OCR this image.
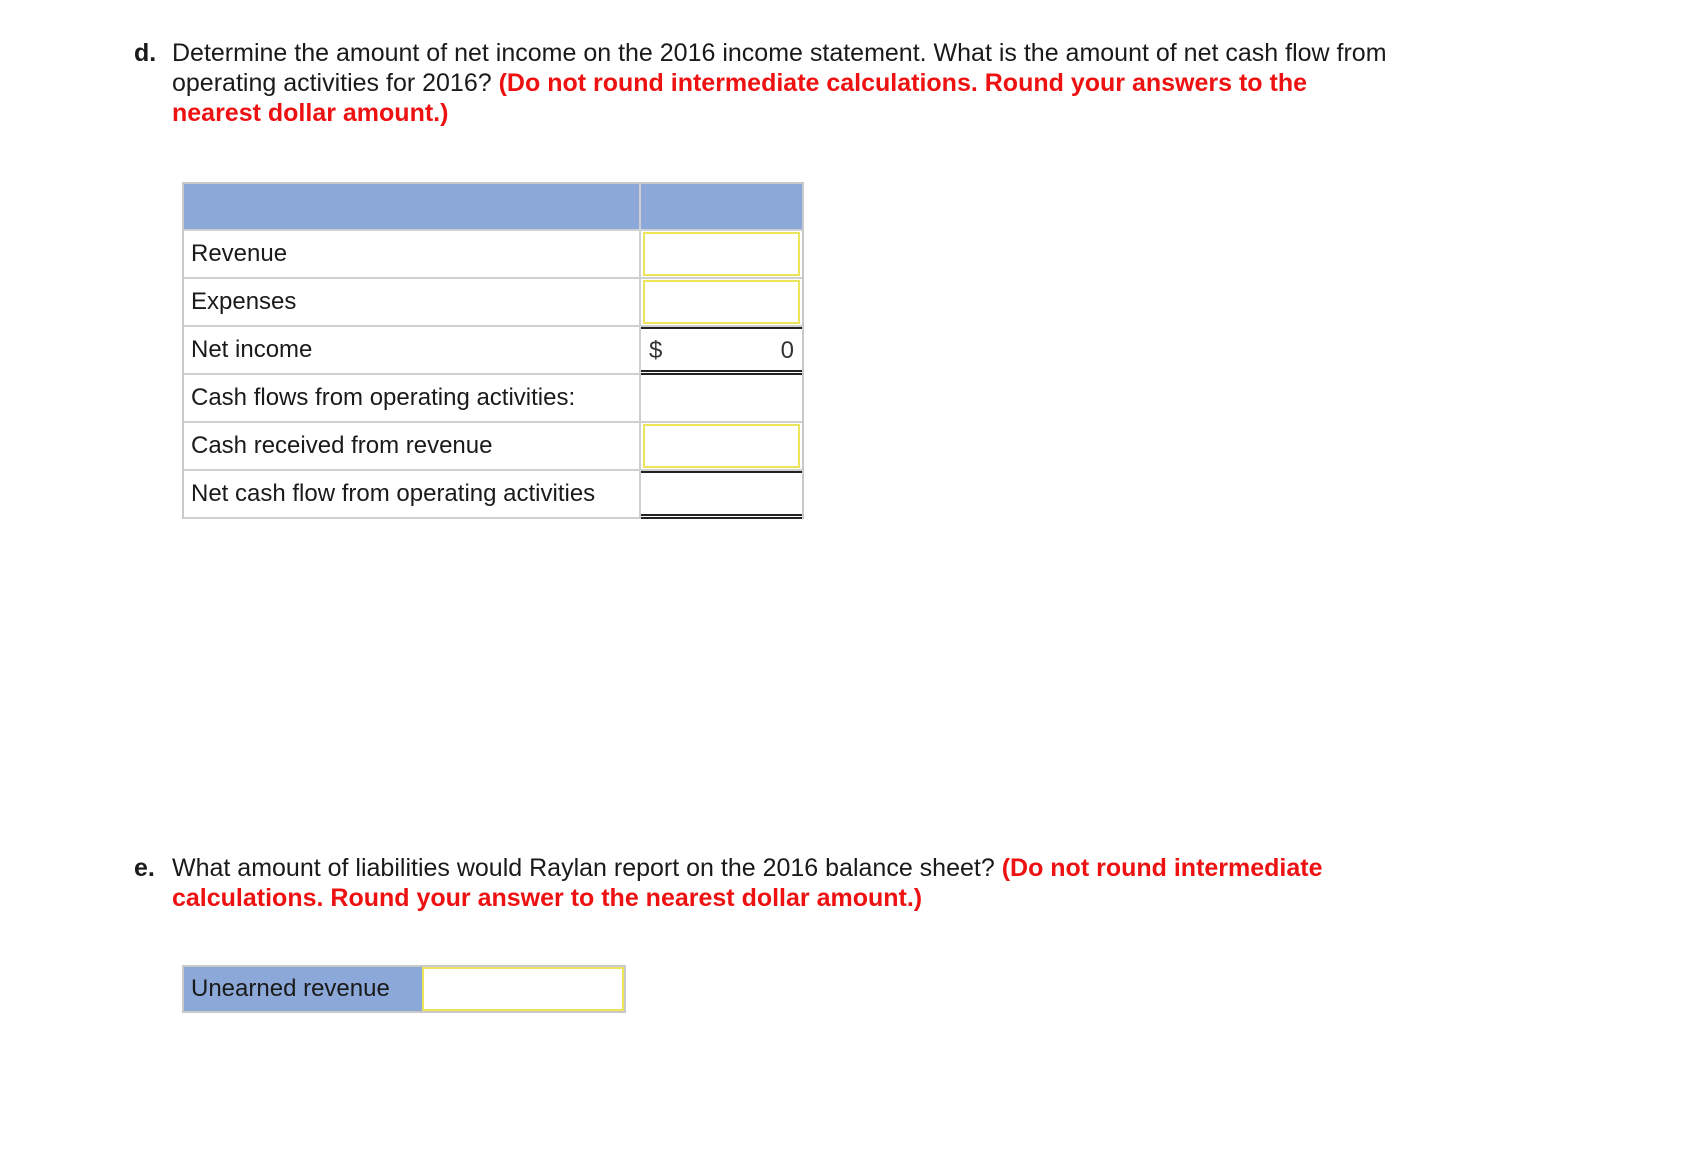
d. Determine the amount of net income on the 2016 income statement. What is the amount of net cash flow from operating activities for 2016? (Do not round intermediate calculations. Round your answers to the nearest dollar amount.)
Revenue
Expenses
Net income	$	0
Cash flows from operating activities:
Cash received from revenue
Net cash flow from operating activities
e. What amount of liabilities would Raylan report on the 2016 balance sheet? (Do not round intermediate calculations. Round your answer to the nearest dollar amount.)
Unearned revenue
